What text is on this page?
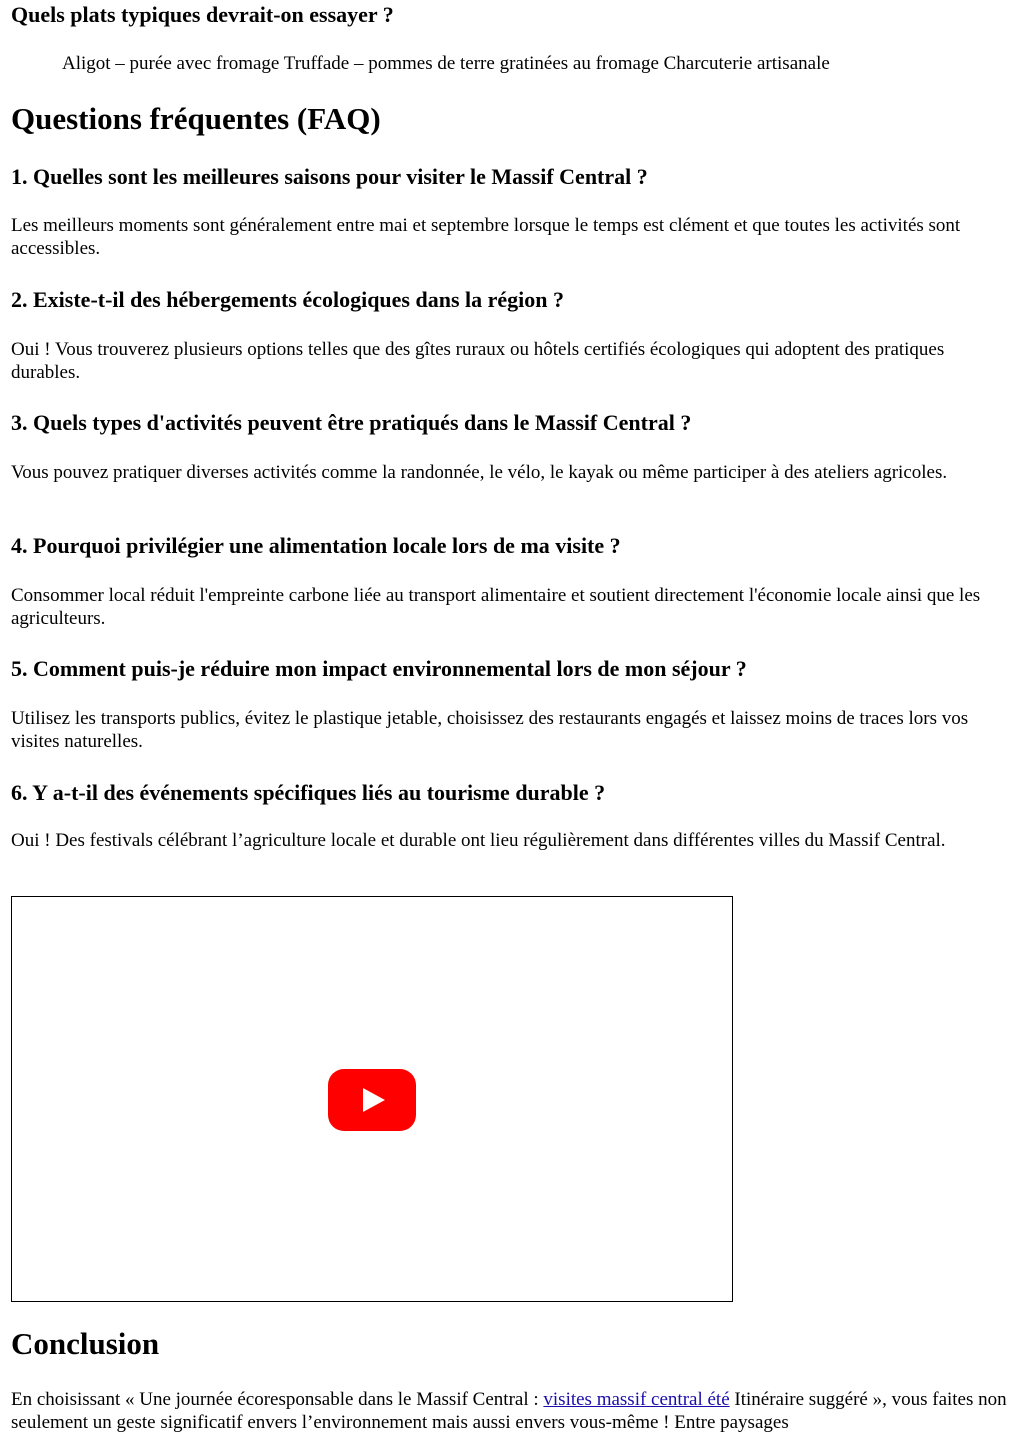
Quels plats typiques devrait-on essayer ?

Aligot – purée avec fromage Truffade – pommes de terre gratinées au fromage Charcuterie artisanale

Questions fréquentes (FAQ)
1. Quelles sont les meilleures saisons pour visiter le Massif Central ?

Les meilleurs moments sont généralement entre mai et septembre lorsque le temps est clément et que toutes les activités sont accessibles.

2. Existe-t-il des hébergements écologiques dans la région ?

Oui ! Vous trouverez plusieurs options telles que des gîtes ruraux ou hôtels certifiés écologiques qui adoptent des pratiques durables.

3. Quels types d'activités peuvent être pratiqués dans le Massif Central ?

Vous pouvez pratiquer diverses activités comme la randonnée, le vélo, le kayak ou même participer à des ateliers agricoles.

4. Pourquoi privilégier une alimentation locale lors de ma visite ?

Consommer local réduit l'empreinte carbone liée au transport alimentaire et soutient directement l'économie locale ainsi que les agriculteurs.

5. Comment puis-je réduire mon impact environnemental lors de mon séjour ?

Utilisez les transports publics, évitez le plastique jetable, choisissez des restaurants engagés et laissez moins de traces lors vos visites naturelles.

6. Y a-t-il des événements spécifiques liés au tourisme durable ?

Oui ! Des festivals célébrant l’agriculture locale et durable ont lieu régulièrement dans différentes villes du Massif Central.

Conclusion

En choisissant « Une journée écoresponsable dans le Massif Central : visites massif central été Itinéraire suggéré », vous faites non seulement un geste significatif envers l’environnement mais aussi envers vous-même ! Entre paysages
